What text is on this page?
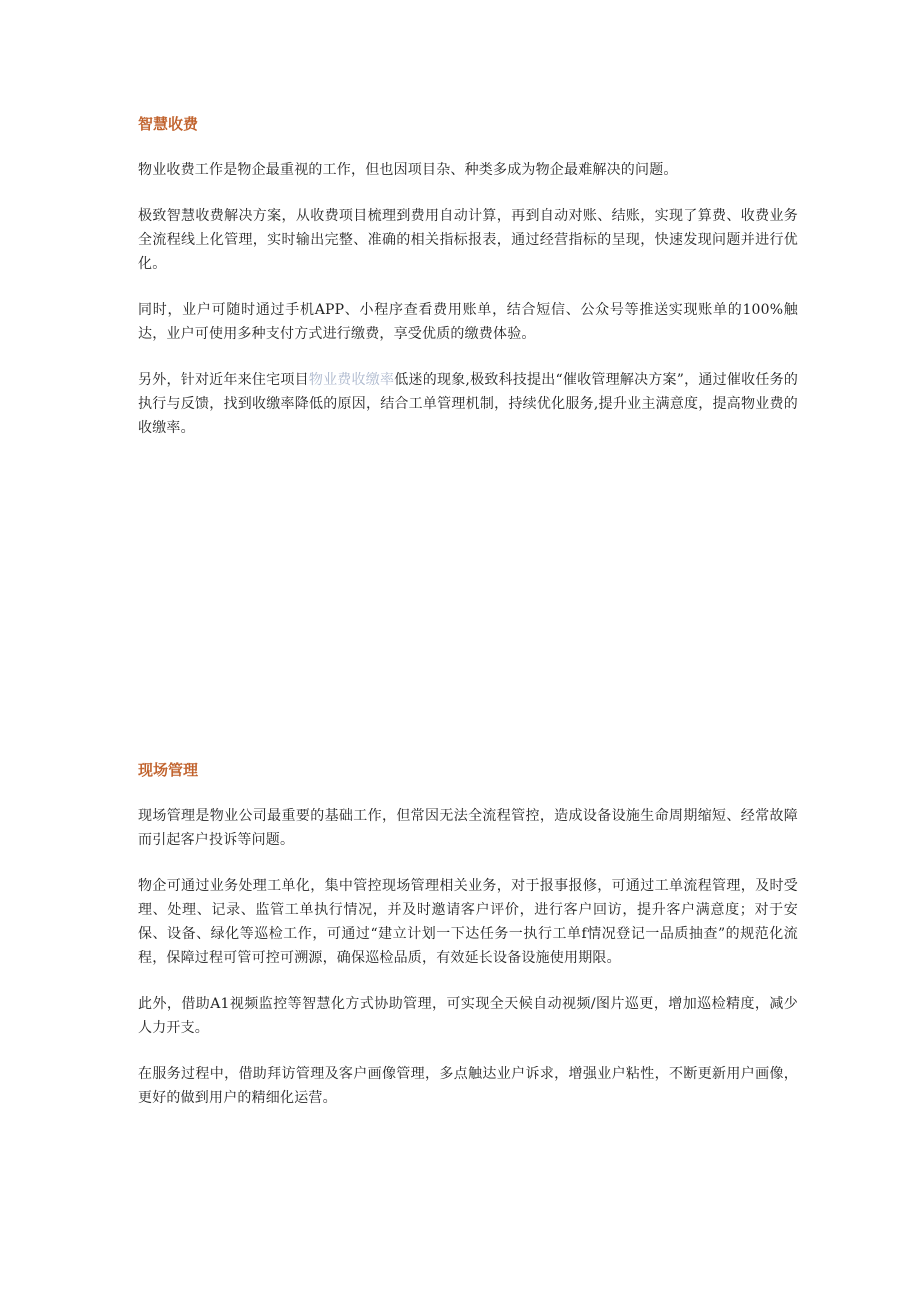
智慧收费

物业收费工作是物企最重视的工作，但也因项目杂、种类多成为物企最难解决的问题。

极致智慧收费解决方案，从收费项目梳理到费用自动计算，再到自动对账、结账，实现了算费、收费业务全流程线上化管理，实时输出完整、准确的相关指标报表，通过经营指标的呈现，快速发现问题并进行优化。

同时，业户可随时通过手机APP、小程序查看费用账单，结合短信、公众号等推送实现账单的100%触达，业户可使用多种支付方式进行缴费，享受优质的缴费体验。

另外，针对近年来住宅项目物业费收缴率低迷的现象,极致科技提出“催收管理解决方案”，通过催收任务的执行与反馈，找到收缴率降低的原因，结合工单管理机制，持续优化服务,提升业主满意度，提高物业费的收缴率。

现场管理

现场管理是物业公司最重要的基础工作，但常因无法全流程管控，造成设备设施生命周期缩短、经常故障而引起客户投诉等问题。

物企可通过业务处理工单化，集中管控现场管理相关业务，对于报事报修，可通过工单流程管理，及时受理、处理、记录、监管工单执行情况，并及时邀请客户评价，进行客户回访，提升客户满意度；对于安保、设备、绿化等巡检工作，可通过“建立计划一下达任务一执行工单f情况登记一品质抽查”的规范化流程，保障过程可管可控可溯源，确保巡检品质，有效延长设备设施使用期限。

此外，借助A1视频监控等智慧化方式协助管理，可实现全天候自动视频/图片巡更，增加巡检精度，减少人力开支。

在服务过程中，借助拜访管理及客户画像管理，多点触达业户诉求，增强业户粘性，不断更新用户画像，更好的做到用户的精细化运营。
